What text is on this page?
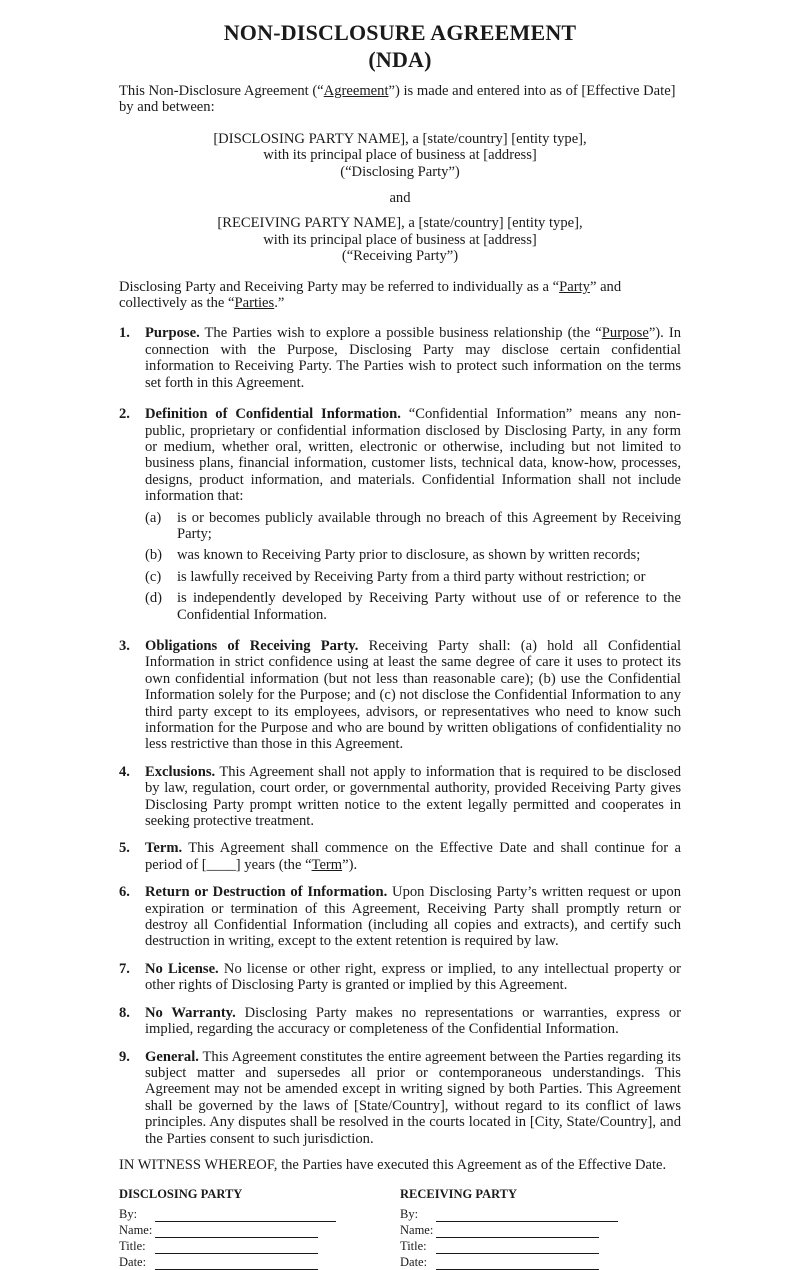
NON-DISCLOSURE AGREEMENT
(NDA)

This Non-Disclosure Agreement (“Agreement”) is made and entered into as of [Effective Date] by and between:

[DISCLOSING PARTY NAME], a [state/country] [entity type],

with its principal place of business at [address]

(“Disclosing Party”)

and

[RECEIVING PARTY NAME], a [state/country] [entity type],

with its principal place of business at [address]

(“Receiving Party”)

Disclosing Party and Receiving Party may be referred to individually as a “Party” and collectively as the “Parties.”

1.	Purpose. The Parties wish to explore a possible business relationship (the “Purpose”). In connection with the Purpose, Disclosing Party may disclose certain confidential information to Receiving Party. The Parties wish to protect such information on the terms set forth in this Agreement.
2.	Definition of Confidential Information. “Confidential Information” means any non-public, proprietary or confidential information disclosed by Disclosing Party, in any form or medium, whether oral, written, electronic or otherwise, including but not limited to business plans, financial information, customer lists, technical data, know-how, processes, designs, product information, and materials. Confidential Information shall not include information that:
(a)	is or becomes publicly available through no breach of this Agreement by Receiving Party;
(b)	was known to Receiving Party prior to disclosure, as shown by written records;
(c)	is lawfully received by Receiving Party from a third party without restriction; or
(d)	is independently developed by Receiving Party without use of or reference to the Confidential Information.
3.	Obligations of Receiving Party. Receiving Party shall: (a) hold all Confidential Information in strict confidence using at least the same degree of care it uses to protect its own confidential information (but not less than reasonable care); (b) use the Confidential Information solely for the Purpose; and (c) not disclose the Confidential Information to any third party except to its employees, advisors, or representatives who need to know such information for the Purpose and who are bound by written obligations of confidentiality no less restrictive than those in this Agreement.
4.	Exclusions. This Agreement shall not apply to information that is required to be disclosed by law, regulation, court order, or governmental authority, provided Receiving Party gives Disclosing Party prompt written notice to the extent legally permitted and cooperates in seeking protective treatment.
5.	Term. This Agreement shall commence on the Effective Date and shall continue for a period of [____] years (the “Term”).
6.	Return or Destruction of Information. Upon Disclosing Party’s written request or upon expiration or termination of this Agreement, Receiving Party shall promptly return or destroy all Confidential Information (including all copies and extracts), and certify such destruction in writing, except to the extent retention is required by law.
7.	No License. No license or other right, express or implied, to any intellectual property or other rights of Disclosing Party is granted or implied by this Agreement.
8.	No Warranty. Disclosing Party makes no representations or warranties, express or implied, regarding the accuracy or completeness of the Confidential Information.
9.	General. This Agreement constitutes the entire agreement between the Parties regarding its subject matter and supersedes all prior or contemporaneous understandings. This Agreement may not be amended except in writing signed by both Parties. This Agreement shall be governed by the laws of [State/Country], without regard to its conflict of laws principles. Any disputes shall be resolved in the courts located in [City, State/Country], and the Parties consent to such jurisdiction.

IN WITNESS WHEREOF, the Parties have executed this Agreement as of the Effective Date.

DISCLOSING PARTY
By:
Name:
Title:
Date:
RECEIVING PARTY
By:
Name:
Title:
Date:
